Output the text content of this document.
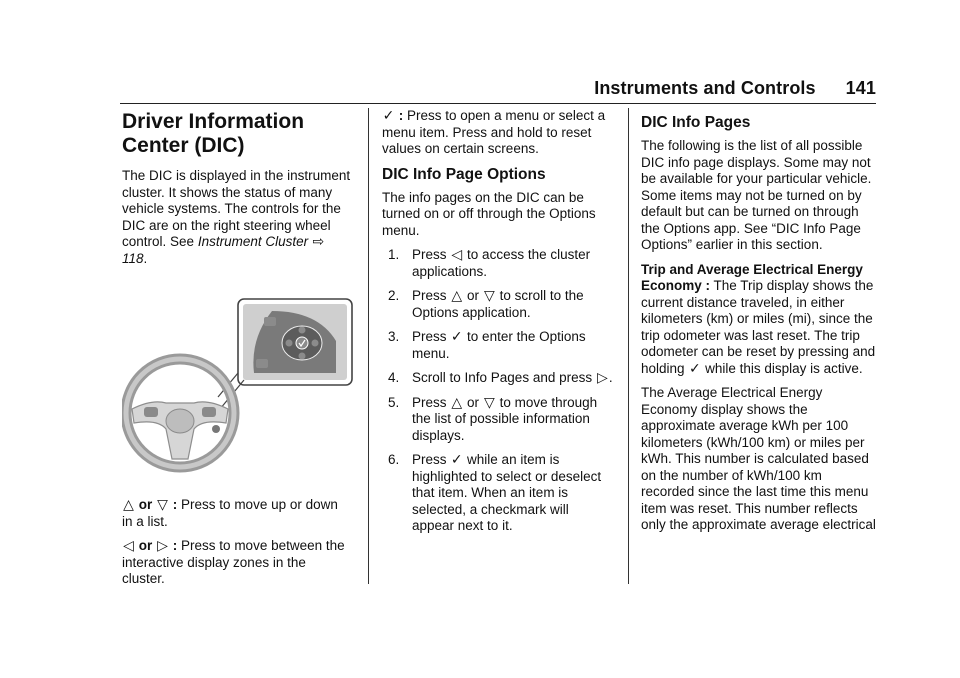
Instruments and Controls 141
Driver Information
Center (DIC)

The DIC is displayed in the instrument cluster. It shows the status of many vehicle systems. The controls for the DIC are on the right steering wheel control. See Instrument Cluster ⇨ 118.

△ or ▽ : Press to move up or down in a list.

◁ or ▷ : Press to move between the interactive display zones in the cluster.

✓ : Press to open a menu or select a menu item. Press and hold to reset values on certain screens.

DIC Info Page Options

The info pages on the DIC can be turned on or off through the Options menu.

1. Press ◁ to access the cluster applications.
2. Press △ or ▽ to scroll to the Options application.
3. Press ✓ to enter the Options menu.
4. Scroll to Info Pages and press ▷.
5. Press △ or ▽ to move through the list of possible information displays.
6. Press ✓ while an item is highlighted to select or deselect that item. When an item is selected, a checkmark will appear next to it.
DIC Info Pages

The following is the list of all possible DIC info page displays. Some may not be available for your particular vehicle. Some items may not be turned on by default but can be turned on through the Options app. See “DIC Info Page Options” earlier in this section.

Trip and Average Electrical Energy Economy : The Trip display shows the current distance traveled, in either kilometers (km) or miles (mi), since the trip odometer was last reset. The trip odometer can be reset by pressing and holding ✓ while this display is active.

The Average Electrical Energy Economy display shows the approximate average kWh per 100 kilometers (kWh/100 km) or miles per kWh. This number is calculated based on the number of kWh/100 km recorded since the last time this menu item was reset. This number reflects only the approximate average electrical
